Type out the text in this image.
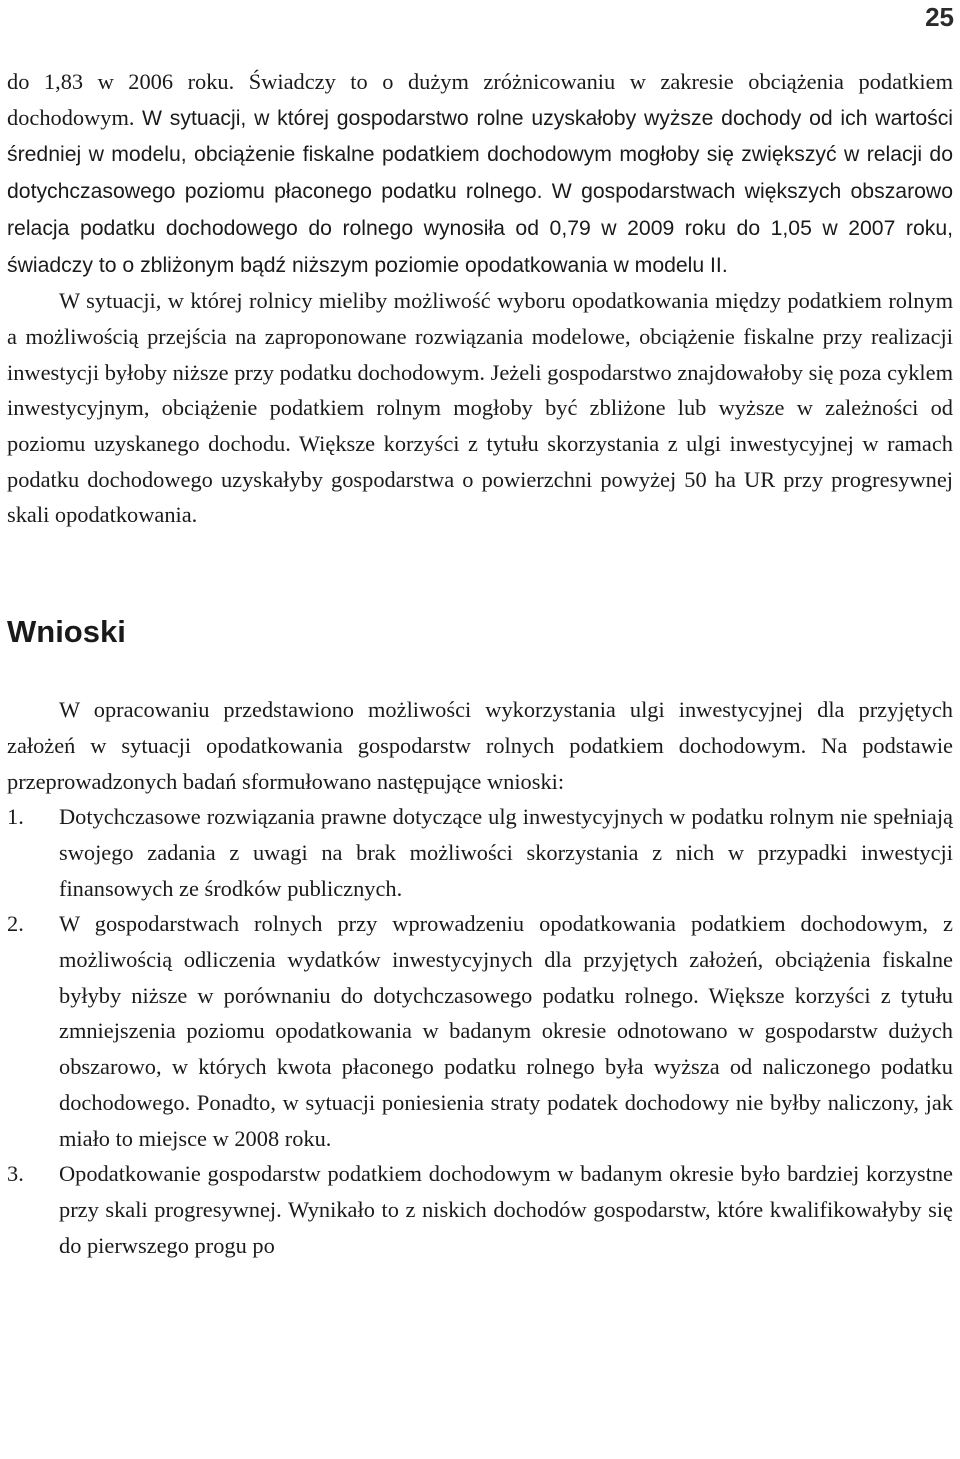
25

do 1,83 w 2006 roku. Świadczy to o dużym zróżnicowaniu w zakresie obciążenia podatkiem dochodowym. W sytuacji, w której gospodarstwo rolne uzyskałoby wyższe dochody od ich wartości średniej w modelu, obciążenie fiskalne podatkiem dochodowym mogłoby się zwiększyć w relacji do dotychczasowego poziomu płaconego podatku rolnego. W gospodarstwach większych obszarowo relacja podatku dochodowego do rolnego wynosiła od 0,79 w 2009 roku do 1,05 w 2007 roku, świadczy to o zbliżonym bądź niższym poziomie opodatkowania w modelu II.

W sytuacji, w której rolnicy mieliby możliwość wyboru opodatkowania między podatkiem rolnym a możliwością przejścia na zaproponowane rozwiązania modelowe, obciążenie fiskalne przy realizacji inwestycji byłoby niższe przy podatku dochodowym. Jeżeli gospodarstwo znajdowałoby się poza cyklem inwestycyjnym, obciążenie podatkiem rolnym mogłoby być zbliżone lub wyższe w zależności od poziomu uzyskanego dochodu. Większe korzyści z tytułu skorzystania z ulgi inwestycyjnej w ramach podatku dochodowego uzyskałyby gospodarstwa o powierzchni powyżej 50 ha UR przy progresywnej skali opodatkowania.

Wnioski

W opracowaniu przedstawiono możliwości wykorzystania ulgi inwestycyjnej dla przyjętych założeń w sytuacji opodatkowania gospodarstw rolnych podatkiem dochodowym. Na podstawie przeprowadzonych badań sformułowano następujące wnioski:

1. Dotychczasowe rozwiązania prawne dotyczące ulg inwestycyjnych w podatku rolnym nie spełniają swojego zadania z uwagi na brak możliwości skorzystania z nich w przypadki inwestycji finansowych ze środków publicznych.
2. W gospodarstwach rolnych przy wprowadzeniu opodatkowania podatkiem dochodowym, z możliwością odliczenia wydatków inwestycyjnych dla przyjętych założeń, obciążenia fiskalne byłyby niższe w porównaniu do dotychczasowego podatku rolnego. Większe korzyści z tytułu zmniejszenia poziomu opodatkowania w badanym okresie odnotowano w gospodarstw dużych obszarowo, w których kwota płaconego podatku rolnego była wyższa od naliczonego podatku dochodowego. Ponadto, w sytuacji poniesienia straty podatek dochodowy nie byłby naliczony, jak miało to miejsce w 2008 roku.
3. Opodatkowanie gospodarstw podatkiem dochodowym w badanym okresie było bardziej korzystne przy skali progresywnej. Wynikało to z niskich dochodów gospodarstw, które kwalifikowałyby się do pierwszego progu po
